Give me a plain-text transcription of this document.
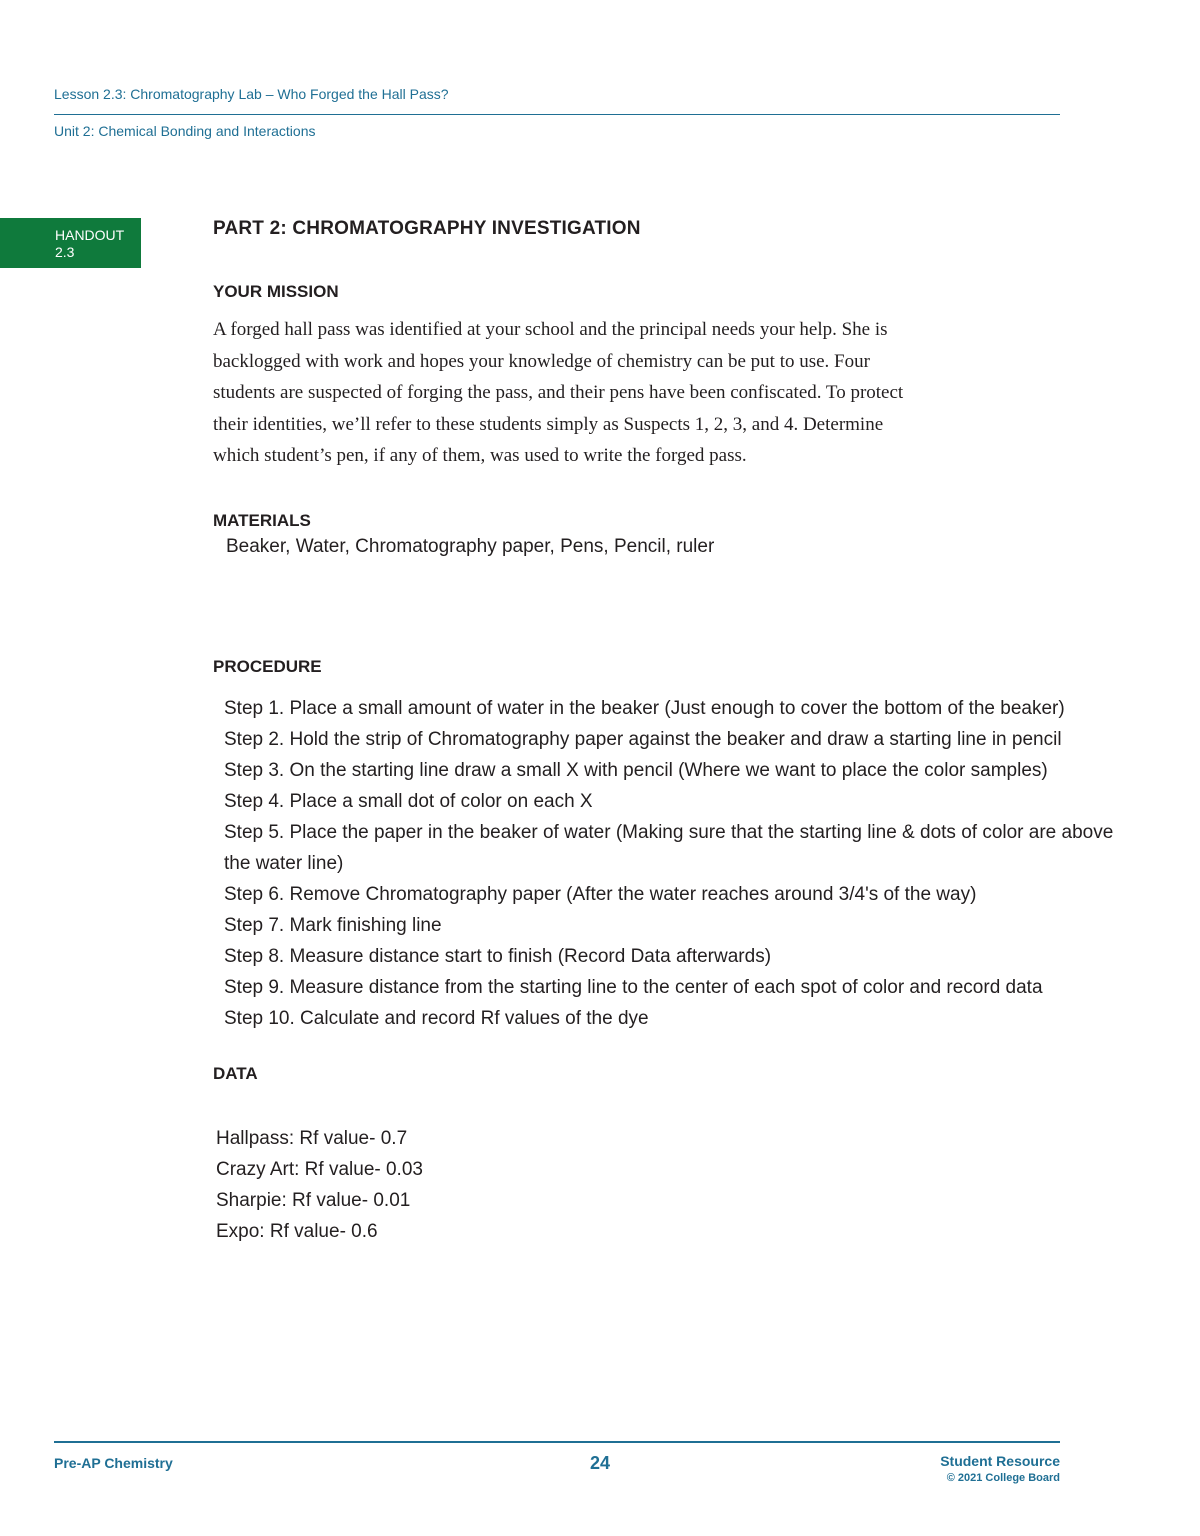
Lesson 2.3: Chromatography Lab – Who Forged the Hall Pass?
Unit 2: Chemical Bonding and Interactions
HANDOUT
2.3
PART 2: CHROMATOGRAPHY INVESTIGATION
YOUR MISSION
A forged hall pass was identified at your school and the principal needs your help. She is
backlogged with work and hopes your knowledge of chemistry can be put to use. Four
students are suspected of forging the pass, and their pens have been confiscated. To protect
their identities, we’ll refer to these students simply as Suspects 1, 2, 3, and 4. Determine
which student’s pen, if any of them, was used to write the forged pass.
MATERIALS
Beaker, Water, Chromatography paper, Pens, Pencil, ruler
PROCEDURE
Step 1. Place a small amount of water in the beaker (Just enough to cover the bottom of the beaker)
Step 2. Hold the strip of Chromatography paper against the beaker and draw a starting line in pencil
Step 3. On the starting line draw a small X with pencil (Where we want to place the color samples)
Step 4. Place a small dot of color on each X
Step 5. Place the paper in the beaker of water (Making sure that the starting line & dots of color are above
the water line)
Step 6. Remove Chromatography paper (After the water reaches around 3/4's of the way)
Step 7. Mark finishing line
Step 8. Measure distance start to finish (Record Data afterwards)
Step 9. Measure distance from the starting line to the center of each spot of color and record data
Step 10. Calculate and record Rf values of the dye
DATA
Hallpass: Rf value- 0.7
Crazy Art: Rf value- 0.03
Sharpie: Rf value- 0.01
Expo: Rf value- 0.6
Pre-AP Chemistry	24	Student Resource
© 2021 College Board
